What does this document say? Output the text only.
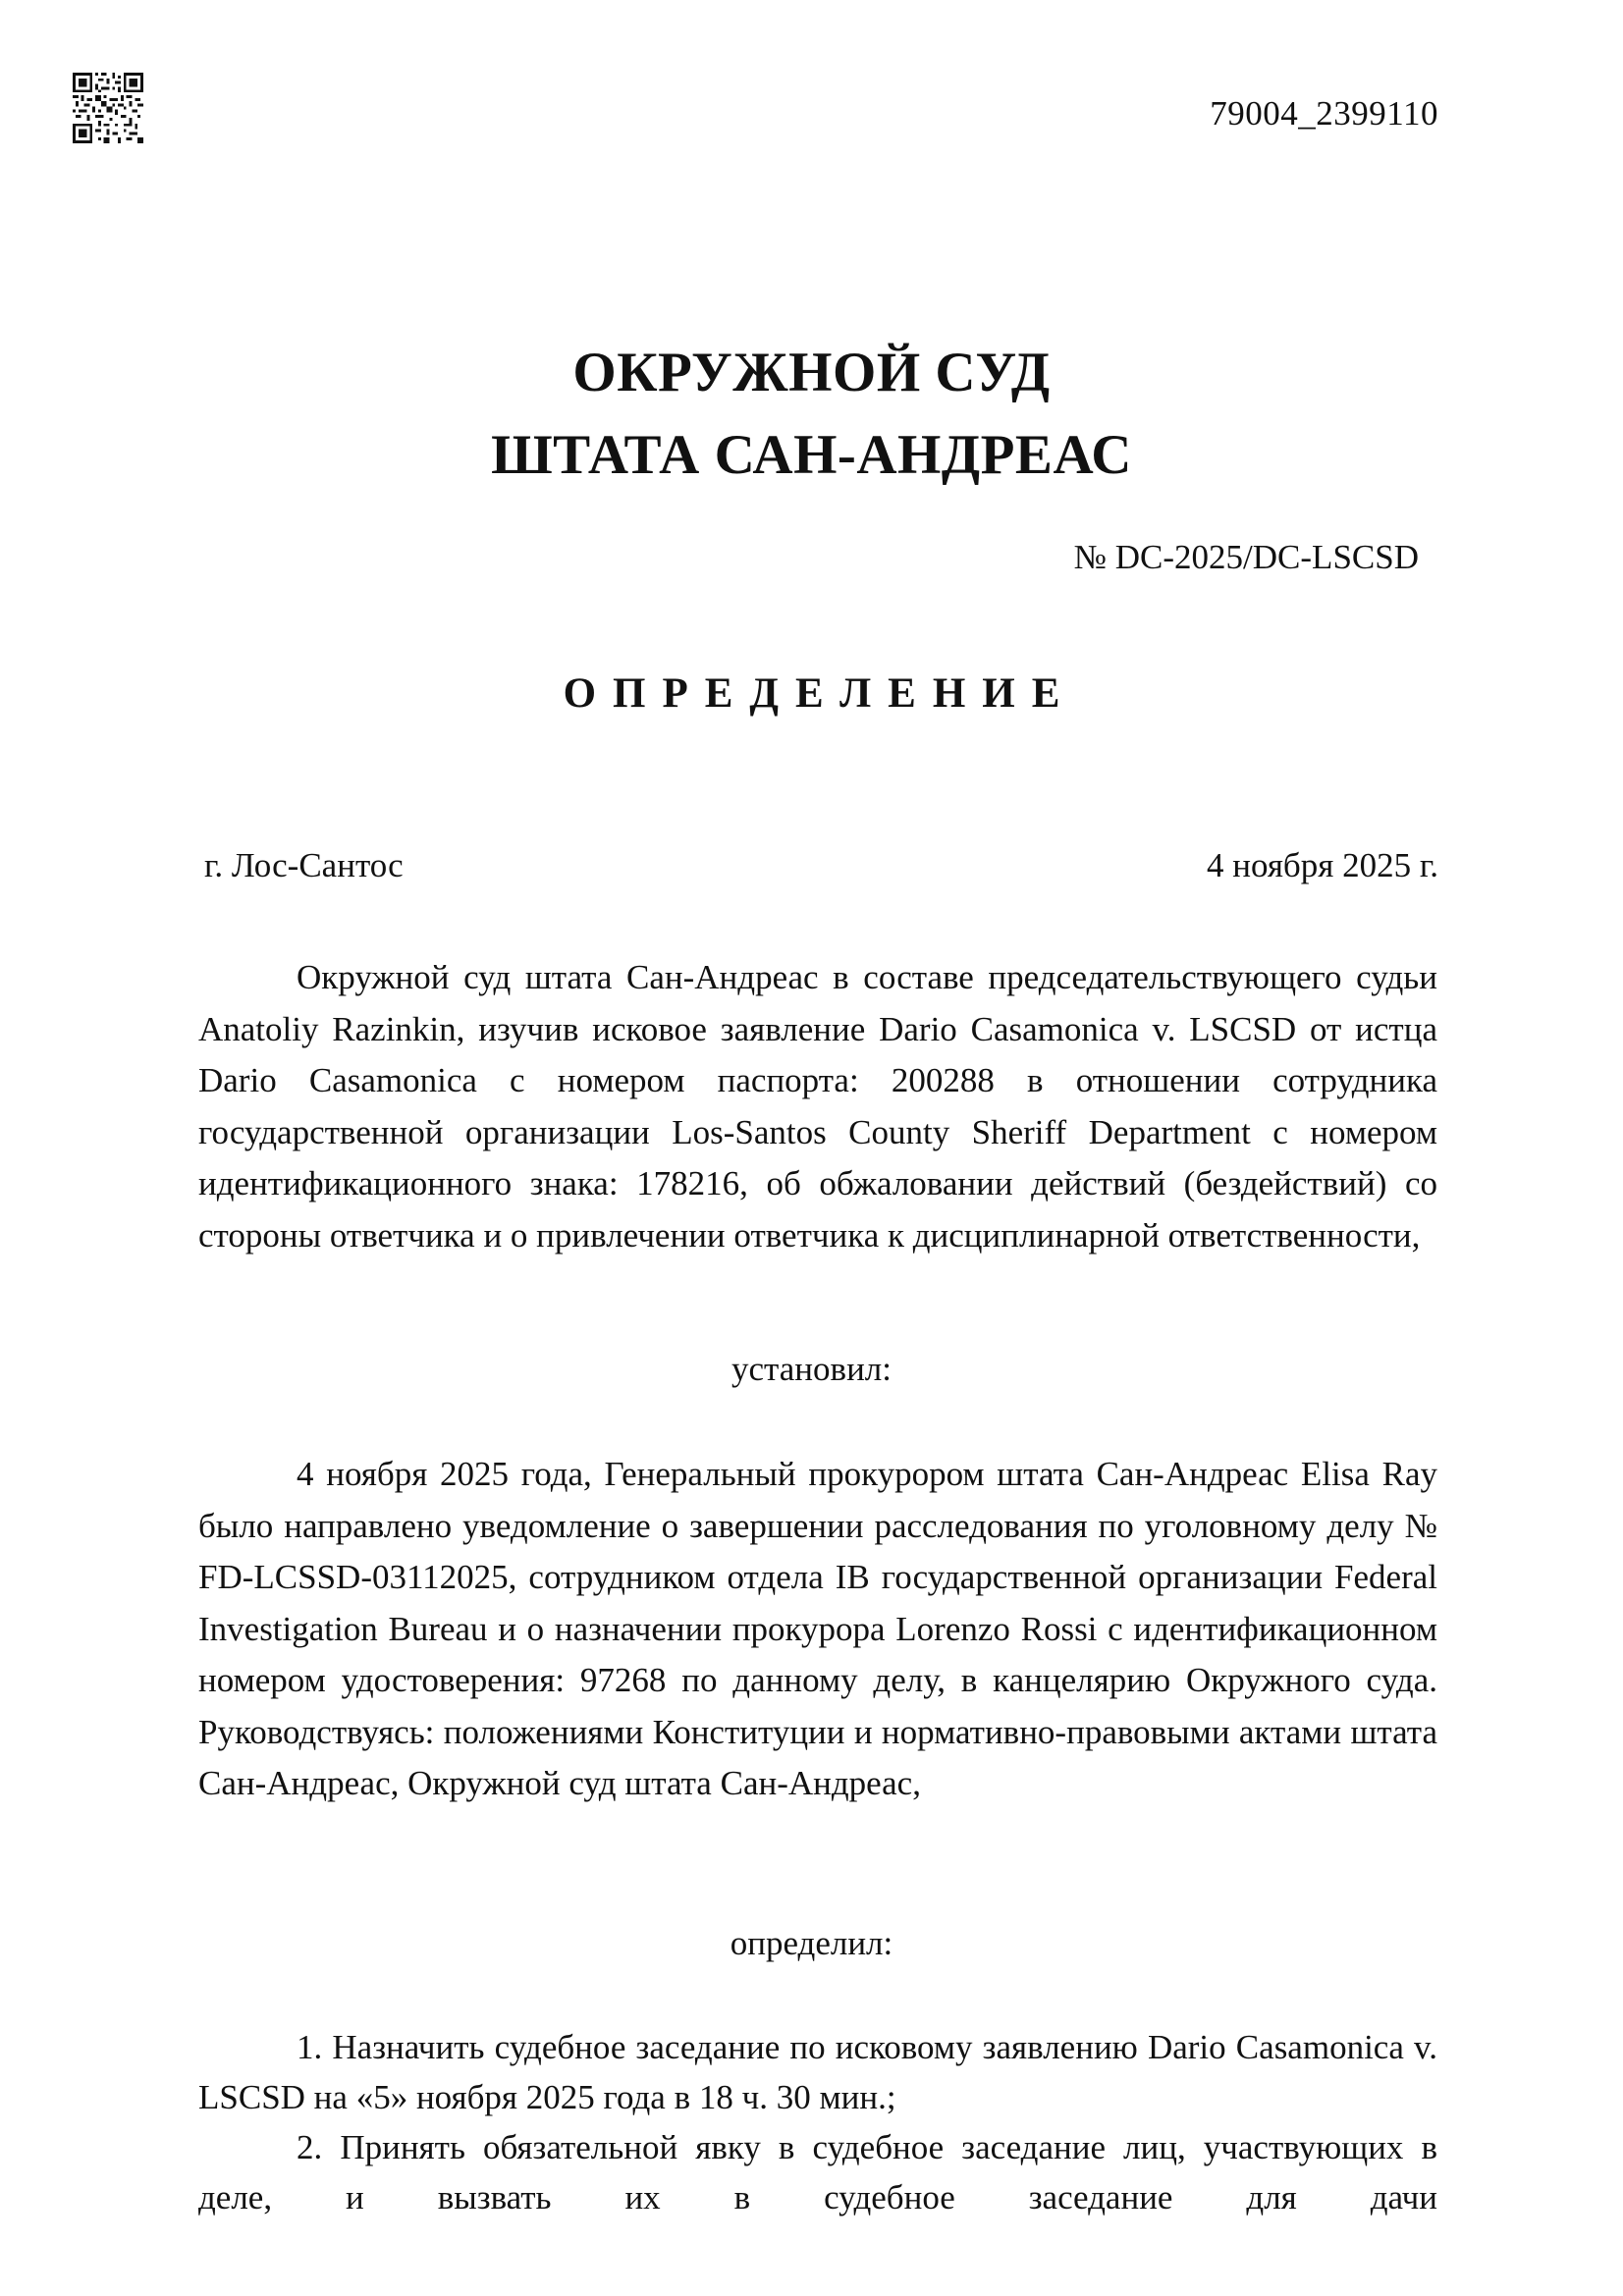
79004_2399110
ОКРУЖНОЙ СУД
ШТАТА САН-АНДРЕАС
№ DC-2025/DC-LSCSD
ОПРЕДЕЛЕНИЕ
г. Лос-Сантос	4 ноября 2025 г.
Окружной суд штата Сан-Андреас в составе председательствующего судьи Anatoliy Razinkin, изучив исковое заявление Dario Casamonica v. LSCSD от истца Dario Casamonica с номером паспорта: 200288 в отношении сотрудника государственной организации Los-Santos County Sheriff Department с номером идентификационного знака: 178216, об обжаловании действий (бездействий) со стороны ответчика и о привлечении ответчика к дисциплинарной ответственности,
установил:
4 ноября 2025 года, Генеральный прокурором штата Сан-Андреас Elisa Ray было направлено уведомление о завершении расследования по уголовному делу № FD-LCSSD-03112025, сотрудником отдела IB государственной организации Federal Investigation Bureau и о назначении прокурора Lorenzo Rossi с идентификационном номером удостоверения: 97268 по данному делу, в канцелярию Окружного суда. Руководствуясь: положениями Конституции и нормативно-правовыми актами штата Сан-Андреас, Окружной суд штата Сан-Андреас,
определил:

1. Назначить судебное заседание по исковому заявлению Dario Casamonica v. LSCSD на «5» ноября 2025 года в 18 ч. 30 мин.;

2. Принять обязательной явку в судебное заседание лиц, участвующих в деле, и вызвать их в судебное заседание для дачи
